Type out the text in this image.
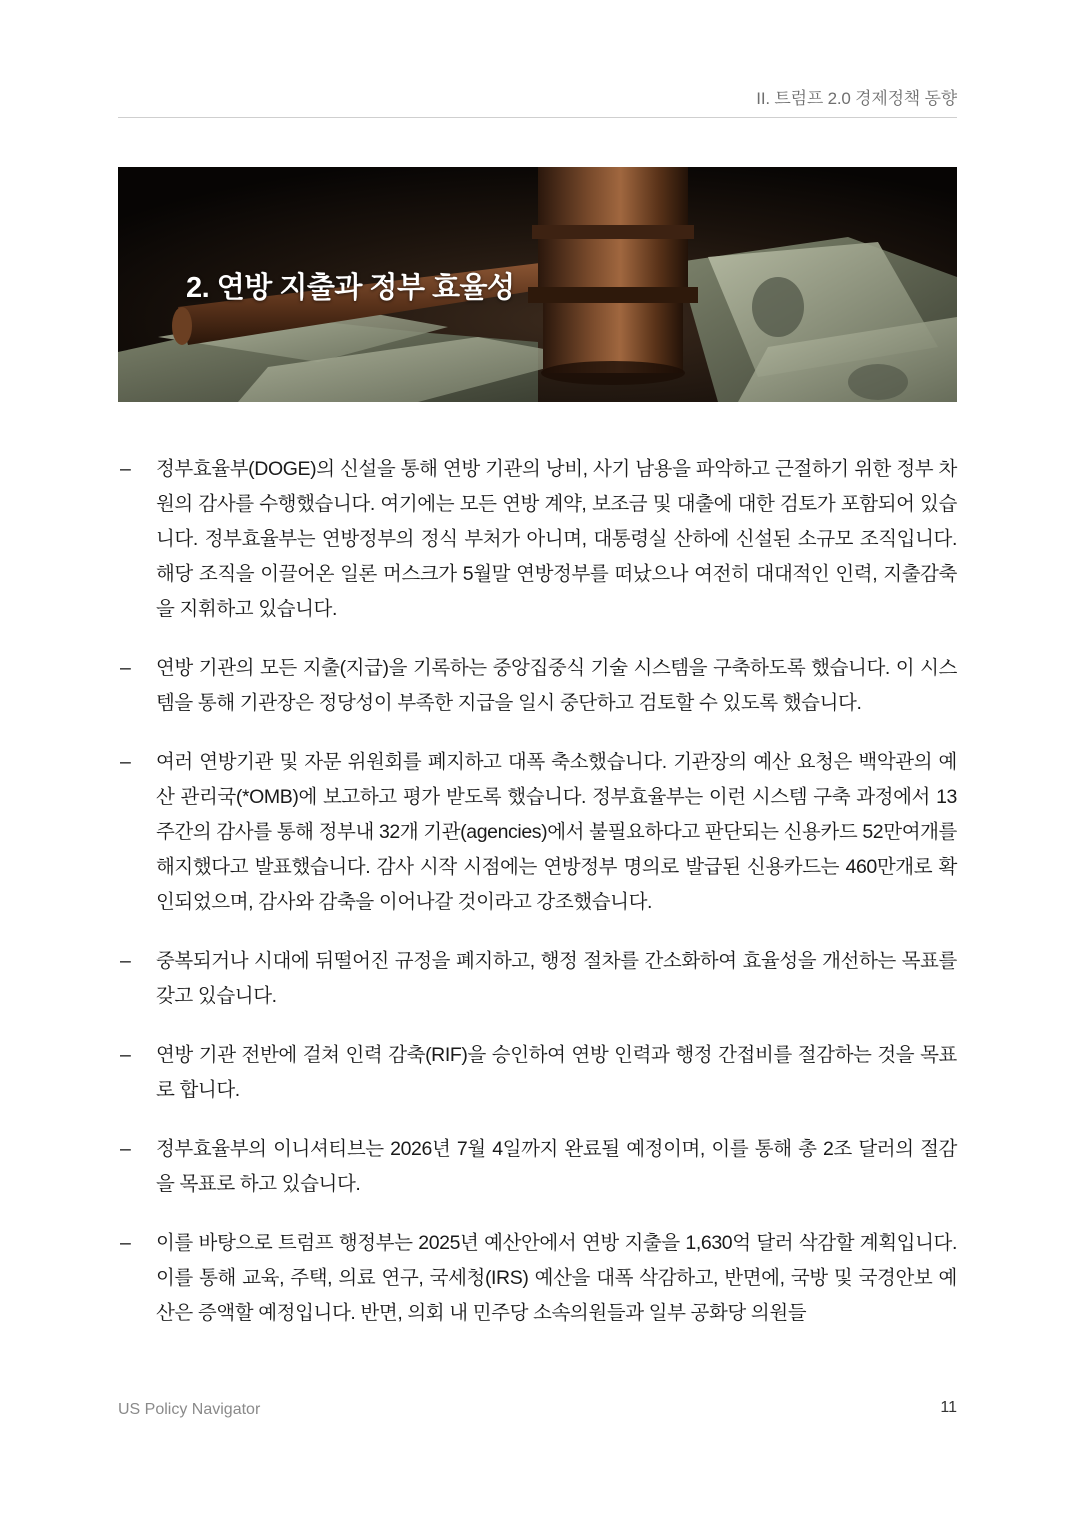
II. 트럼프 2.0 경제정책 동향
2. 연방 지출과 정부 효율성
– 정부효율부(DOGE)의 신설을 통해 연방 기관의 낭비, 사기 남용을 파악하고 근절하기 위한 정부 차원의 감사를 수행했습니다. 여기에는 모든 연방 계약, 보조금 및 대출에 대한 검토가 포함되어 있습니다. 정부효율부는 연방정부의 정식 부처가 아니며, 대통령실 산하에 신설된 소규모 조직입니다. 해당 조직을 이끌어온 일론 머스크가 5월말 연방정부를 떠났으나 여전히 대대적인 인력, 지출감축을 지휘하고 있습니다.
– 연방 기관의 모든 지출(지급)을 기록하는 중앙집중식 기술 시스템을 구축하도록 했습니다. 이 시스템을 통해 기관장은 정당성이 부족한 지급을 일시 중단하고 검토할 수 있도록 했습니다.
– 여러 연방기관 및 자문 위원회를 폐지하고 대폭 축소했습니다. 기관장의 예산 요청은 백악관의 예산 관리국(*OMB)에 보고하고 평가 받도록 했습니다. 정부효율부는 이런 시스템 구축 과정에서 13주간의 감사를 통해 정부내 32개 기관(agencies)에서 불필요하다고 판단되는 신용카드 52만여개를 해지했다고 발표했습니다. 감사 시작 시점에는 연방정부 명의로 발급된 신용카드는 460만개로 확인되었으며, 감사와 감축을 이어나갈 것이라고 강조했습니다.
– 중복되거나 시대에 뒤떨어진 규정을 폐지하고, 행정 절차를 간소화하여 효율성을 개선하는 목표를 갖고 있습니다.
– 연방 기관 전반에 걸쳐 인력 감축(RIF)을 승인하여 연방 인력과 행정 간접비를 절감하는 것을 목표로 합니다.
– 정부효율부의 이니셔티브는 2026년 7월 4일까지 완료될 예정이며, 이를 통해 총 2조 달러의 절감을 목표로 하고 있습니다.
– 이를 바탕으로 트럼프 행정부는 2025년 예산안에서 연방 지출을 1,630억 달러 삭감할 계획입니다. 이를 통해 교육, 주택, 의료 연구, 국세청(IRS) 예산을 대폭 삭감하고, 반면에, 국방 및 국경안보 예산은 증액할 예정입니다. 반면, 의회 내 민주당 소속의원들과 일부 공화당 의원들
US Policy Navigator	11
